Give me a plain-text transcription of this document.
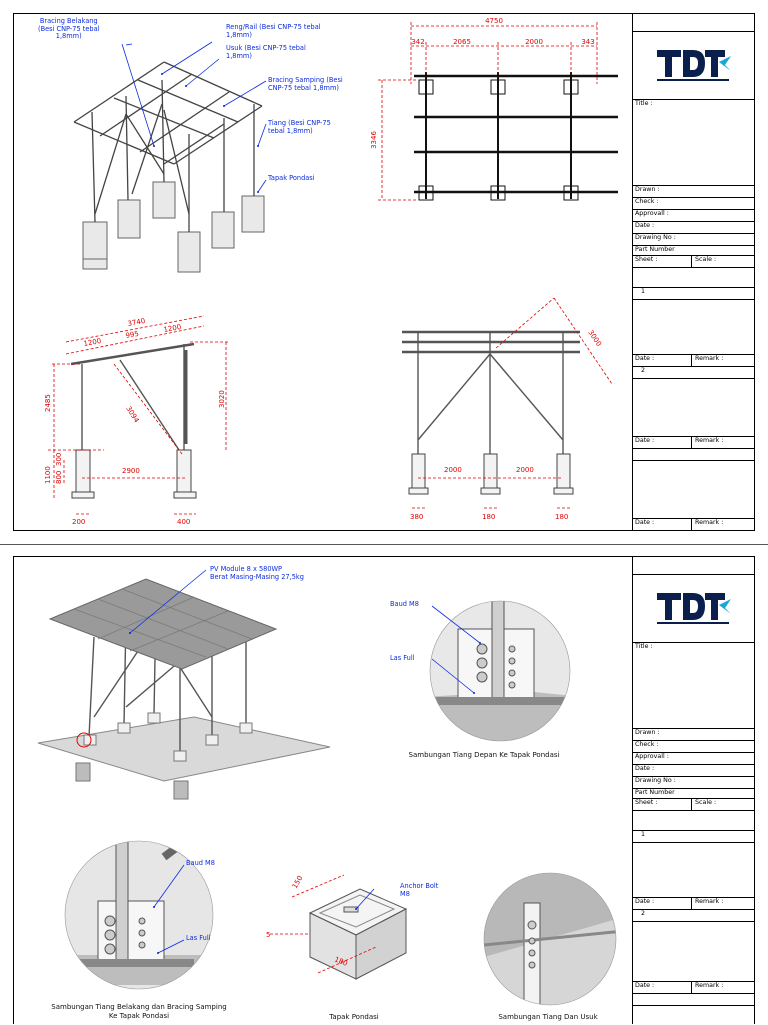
4750
342	2065	2000	343
3346
3740
1200
995
1200
2485	3020
3094
1100 800
300
2900
200	400
2000	2000
3000
380	180	180
Bracing Belakang
(Besi CNP-75 tebal
1,8mm)
Reng/Rail (Besi CNP-75 tebal
1,8mm)
Usuk (Besi CNP-75 tebal
1,8mm)
Bracing Samping (Besi
CNP-75 tebal 1,8mm)
Tiang (Besi CNP-75
tebal 1,8mm)
Tapak Pondasi
Title :
Drawn :
Check :
Approvall :
Date :
Drawing No :
Part Number
Sheet :	Scale :
1
Date :	Remark :
2
Date :	Remark :
Date :	Remark :
150
180
5
PV Module 8 x 580WP
Berat Masing-Masing 27,5kg
Baud M8
Las Full
Baud M8
Las Full
Anchor Bolt
M8
Sambungan Tiang Depan Ke Tapak Pondasi
Sambungan Tiang Belakang dan Bracing Samping
Ke Tapak Pondasi	Tapak Pondasi	Sambungan Tiang Dan Usuk
Title :
Drawn :
Check :
Approvall :
Date :
Drawing No :
Part Number
Sheet :	Scale :
1
Date :	Remark :
2
Date :	Remark :
